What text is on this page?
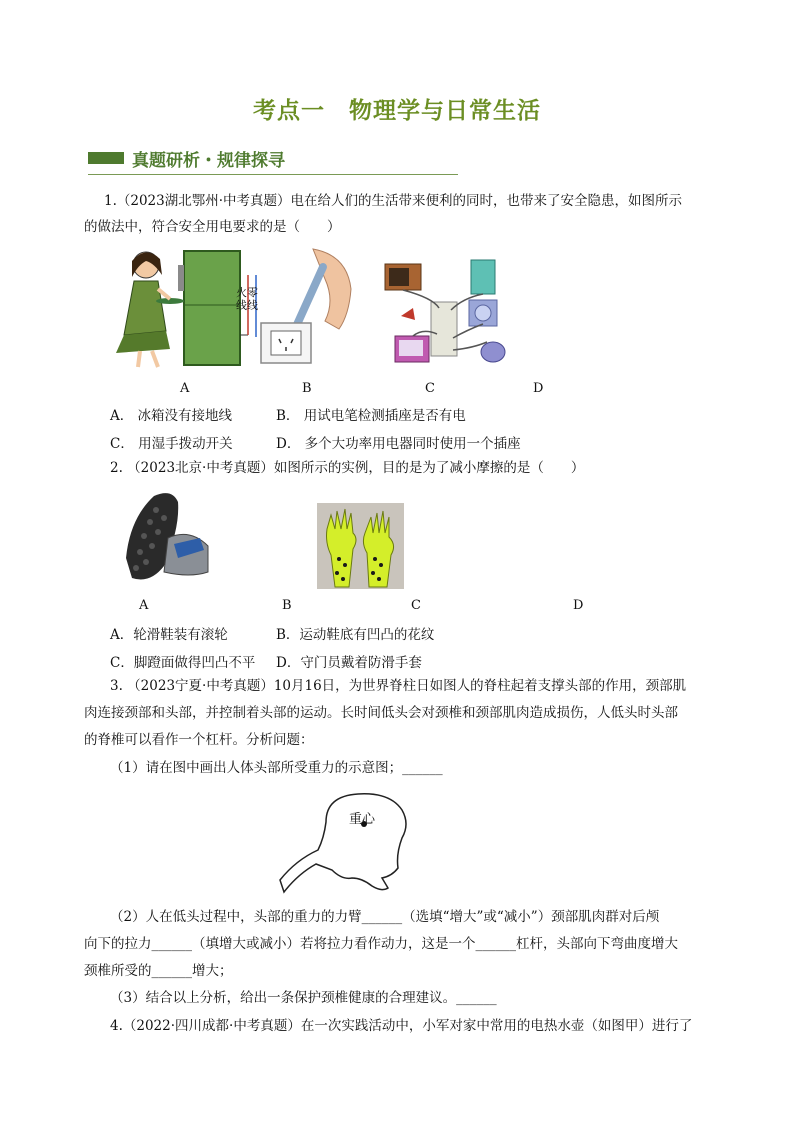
考点一　物理学与日常生活
真题研析・规律探寻
1.（2023湖北鄂州·中考真题）电在给人们的生活带来便利的同时，也带来了安全隐患，如图所示
的做法中，符合安全用电要求的是（　　）
火零
线线
A	B	C	D
A． 冰箱没有接地线	B． 用试电笔检测插座是否有电
C． 用湿手拨动开关	D． 多个大功率用电器同时使用一个插座
2. （2023北京·中考真题）如图所示的实例，目的是为了减小摩擦的是（　　）
A	B	C	D
A．轮滑鞋装有滚轮	B．运动鞋底有凹凸的花纹
C．脚蹬面做得凹凸不平 D．守门员戴着防滑手套
3. （2023宁夏·中考真题）10月16日，为世界脊柱日如图人的脊柱起着支撑头部的作用，颈部肌
肉连接颈部和头部，并控制着头部的运动。长时间低头会对颈椎和颈部肌肉造成损伤，人低头时头部
的脊椎可以看作一个杠杆。分析问题：
（1）请在图中画出人体头部所受重力的示意图；______
重心
（2）人在低头过程中，头部的重力的力臂______（选填“增大”或“减小”）颈部肌肉群对后颅
向下的拉力______（填增大或减小）若将拉力看作动力，这是一个______杠杆，头部向下弯曲度增大
颈椎所受的______增大；
（3）结合以上分析，给出一条保护颈椎健康的合理建议。______
4.（2022·四川成都·中考真题）在一次实践活动中，小军对家中常用的电热水壶（如图甲）进行了
